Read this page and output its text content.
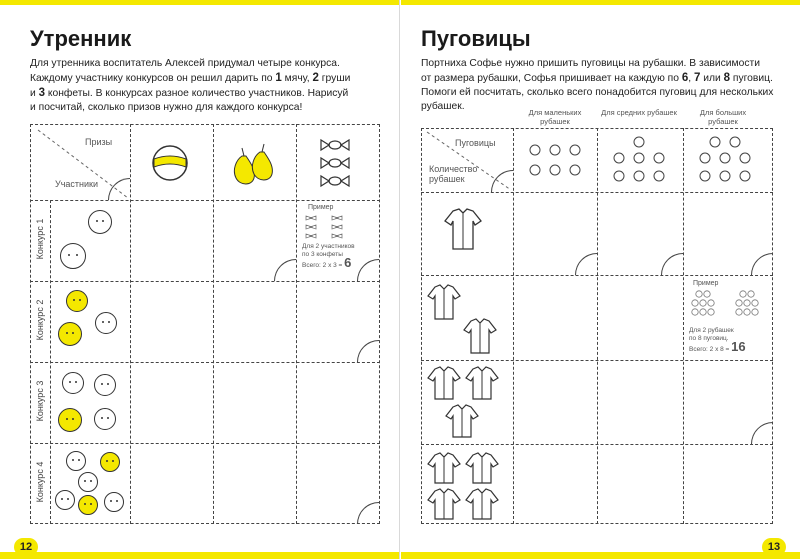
Утренник
Для утренника воспитатель Алексей придумал четыре конкурса.
Каждому участнику конкурсов он решил дарить по 1 мячу, 2 груши
и 3 конфеты. В конкурсах разное количество участников. Нарисуй
и посчитай, сколько призов нужно для каждого конкурса!
Призы
Участники
Конкурс 1
Конкурс 2
Конкурс 3
Конкурс 4
Пример
Для 2 участников
по 3 конфеты
Всего: 2 х 3 = 6
12
Пуговицы
Портниха Софье нужно пришить пуговицы на рубашки. В зависимости
от размера рубашки, Софья пришивает на каждую по 6, 7 или 8 пуговиц.
Помоги ей посчитать, сколько всего понадобится пуговиц для нескольких
рубашек.
Для маленьких рубашек
Для средних рубашек	Для больших рубашек
Пуговицы
Количество рубашек
Пример
Для 2 рубашек
по 8 пуговиц.
Всего: 2 х 8 = 16
13
